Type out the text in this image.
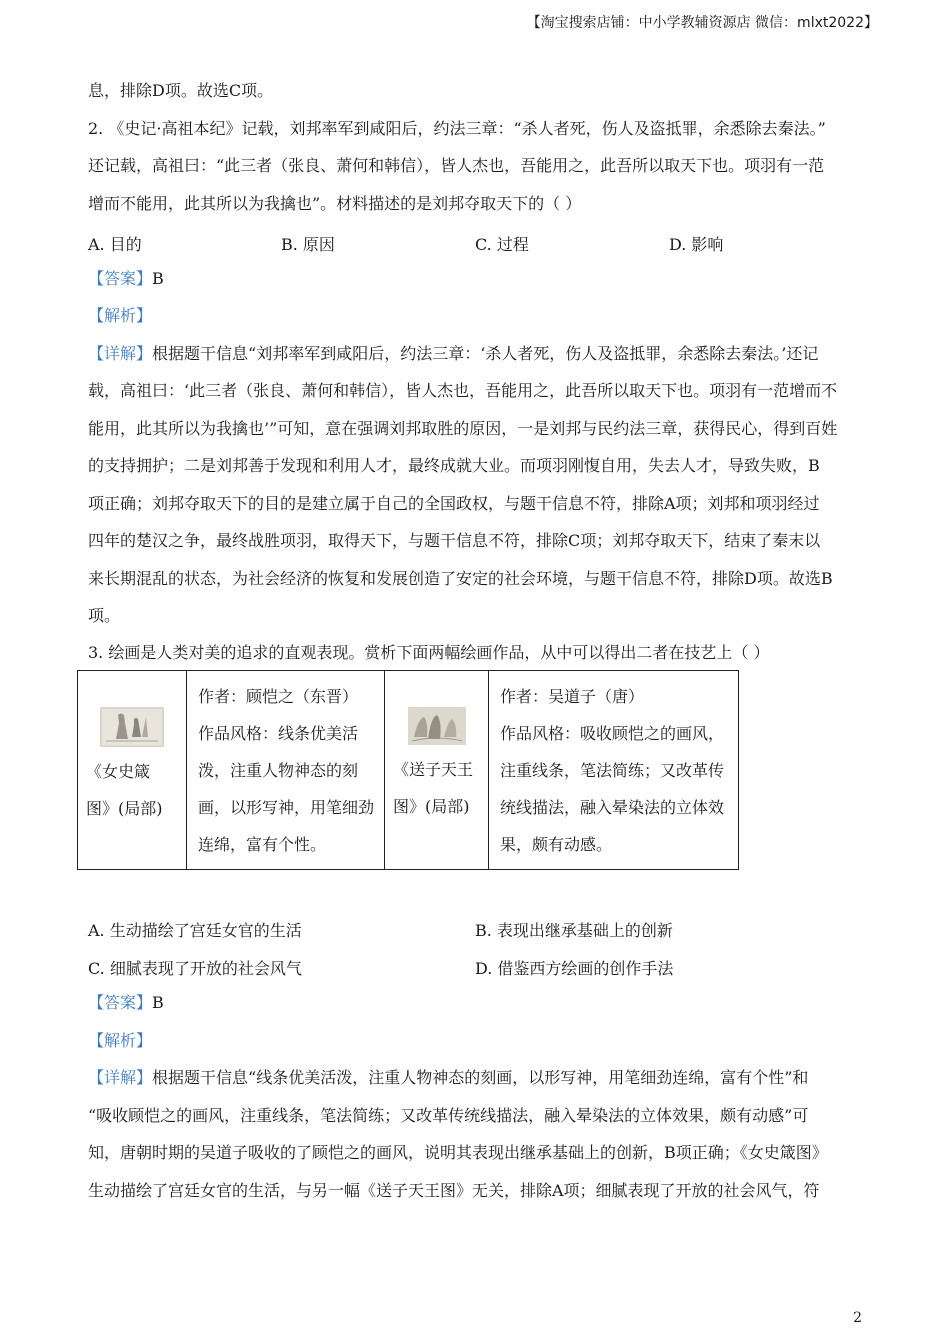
【淘宝搜索店铺：中小学教辅资源店 微信：mlxt2022】
息，排除D项。故选C项。
2. 《史记·高祖本纪》记载，刘邦率军到咸阳后，约法三章：“杀人者死，伤人及盗抵罪，余悉除去秦法。”
还记载，高祖曰：“此三者（张良、萧何和韩信），皆人杰也，吾能用之，此吾所以取天下也。项羽有一范
增而不能用，此其所以为我擒也”。材料描述的是刘邦夺取天下的（ ）
A. 目的	B. 原因	C. 过程	D. 影响
【答案】B
【解析】
【详解】根据题干信息“刘邦率军到咸阳后，约法三章：‘杀人者死，伤人及盗抵罪，余悉除去秦法。’还记
载，高祖曰：‘此三者（张良、萧何和韩信），皆人杰也，吾能用之，此吾所以取天下也。项羽有一范增而不
能用，此其所以为我擒也’”可知，意在强调刘邦取胜的原因，一是刘邦与民约法三章，获得民心，得到百姓
的支持拥护；二是刘邦善于发现和利用人才，最终成就大业。而项羽刚愎自用，失去人才，导致失败，B
项正确；刘邦夺取天下的目的是建立属于自己的全国政权，与题干信息不符，排除A项；刘邦和项羽经过
四年的楚汉之争，最终战胜项羽，取得天下，与题干信息不符，排除C项；刘邦夺取天下，结束了秦末以
来长期混乱的状态，为社会经济的恢复和发展创造了安定的社会环境，与题干信息不符，排除D项。故选B
项。
3. 绘画是人类对美的追求的直观表现。赏析下面两幅绘画作品，从中可以得出二者在技艺上（ ）
《女史箴
图》(局部)

作者：顾恺之（东晋）
作品风格：线条优美活
泼，注重人物神态的刻
画，以形写神，用笔细劲
连绵，富有个性。

《送子天王
图》(局部)

作者：吴道子（唐）
作品风格：吸收顾恺之的画风，
注重线条，笔法简练；又改革传
统线描法，融入晕染法的立体效
果，颇有动感。
A. 生动描绘了宫廷女官的生活	B. 表现出继承基础上的创新
C. 细腻表现了开放的社会风气	D. 借鉴西方绘画的创作手法
【答案】B
【解析】
【详解】根据题干信息“线条优美活泼，注重人物神态的刻画，以形写神，用笔细劲连绵，富有个性”和
“吸收顾恺之的画风，注重线条，笔法简练；又改革传统线描法，融入晕染法的立体效果，颇有动感”可
知，唐朝时期的吴道子吸收的了顾恺之的画风，说明其表现出继承基础上的创新，B项正确；《女史箴图》
生动描绘了宫廷女官的生活，与另一幅《送子天王图》无关，排除A项；细腻表现了开放的社会风气，符
2
